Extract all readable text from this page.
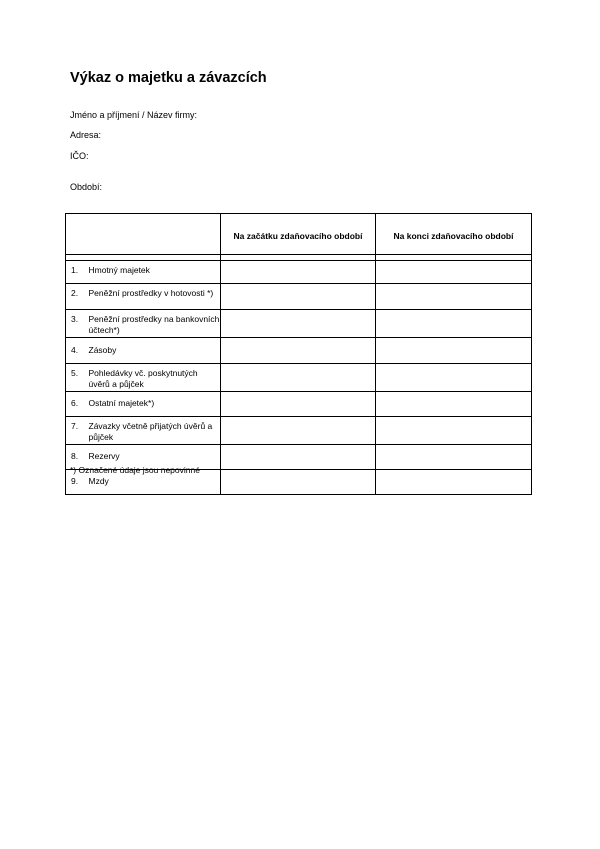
Výkaz o majetku a závazcích
Jméno a příjmení / Název firmy:
Adresa:
IČO:
Období:
		Na začátku zdaňovacího období	Na konci zdaňovacího období

1.	Hmotný majetek		
2.	Peněžní prostředky v hotovosti *)		
3.	Peněžní prostředky na bankovních účtech*)		
4.	Zásoby		
5.	Pohledávky vč. poskytnutých úvěrů a půjček		
6.	Ostatní majetek*)		
7.	Závazky včetně přijatých úvěrů a půjček		
8.	Rezervy		
9.	Mzdy		
*) Označené údaje jsou nepovinné
